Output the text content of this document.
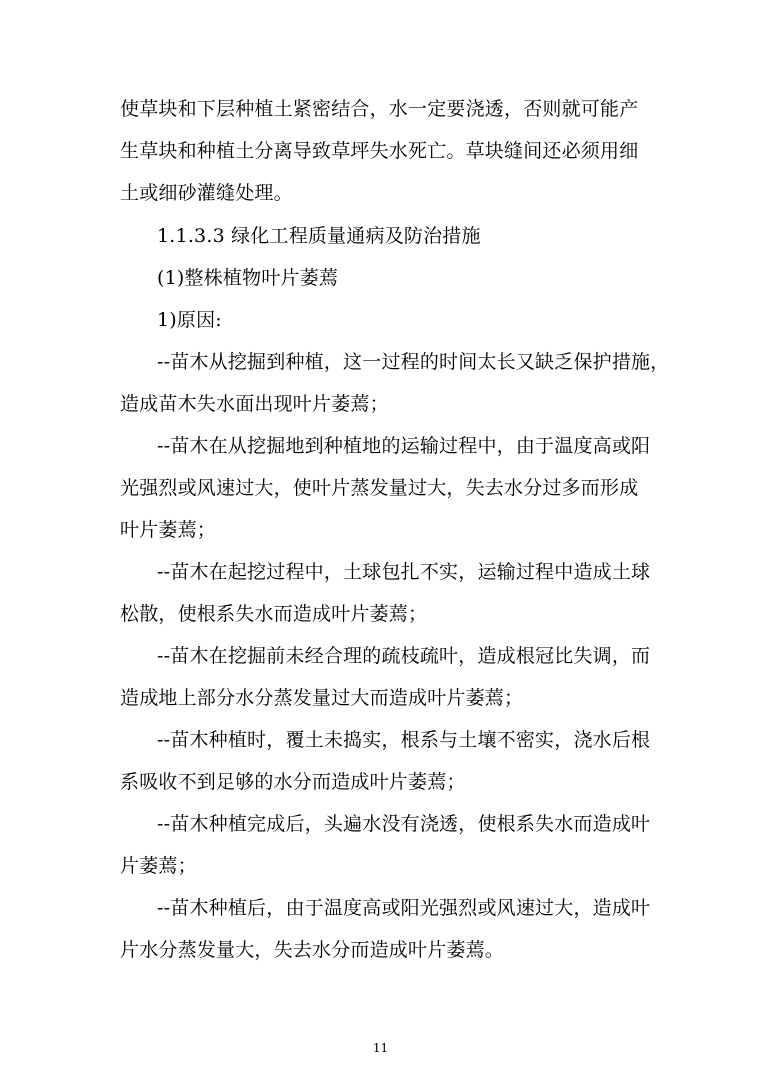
使草块和下层种植土紧密结合，水一定要浇透，否则就可能产
生草块和种植土分离导致草坪失水死亡。草块缝间还必须用细
土或细砂灌缝处理。
1.1.3.3 绿化工程质量通病及防治措施
(1)整株植物叶片萎蔫
1)原因:
--苗木从挖掘到种植，这一过程的时间太长又缺乏保护措施，
造成苗木失水面出现叶片萎蔫；
--苗木在从挖掘地到种植地的运输过程中，由于温度高或阳
光强烈或风速过大，使叶片蒸发量过大，失去水分过多而形成
叶片萎蔫；
--苗木在起挖过程中，土球包扎不实，运输过程中造成土球
松散，使根系失水而造成叶片萎蔫；
--苗木在挖掘前未经合理的疏枝疏叶，造成根冠比失调，而
造成地上部分水分蒸发量过大而造成叶片萎蔫；
--苗木种植时，覆土未捣实，根系与土壤不密实，浇水后根
系吸收不到足够的水分而造成叶片萎蔫；
--苗木种植完成后，头遍水没有浇透，使根系失水而造成叶
片萎蔫；
--苗木种植后，由于温度高或阳光强烈或风速过大，造成叶
片水分蒸发量大，失去水分而造成叶片萎蔫。
11
